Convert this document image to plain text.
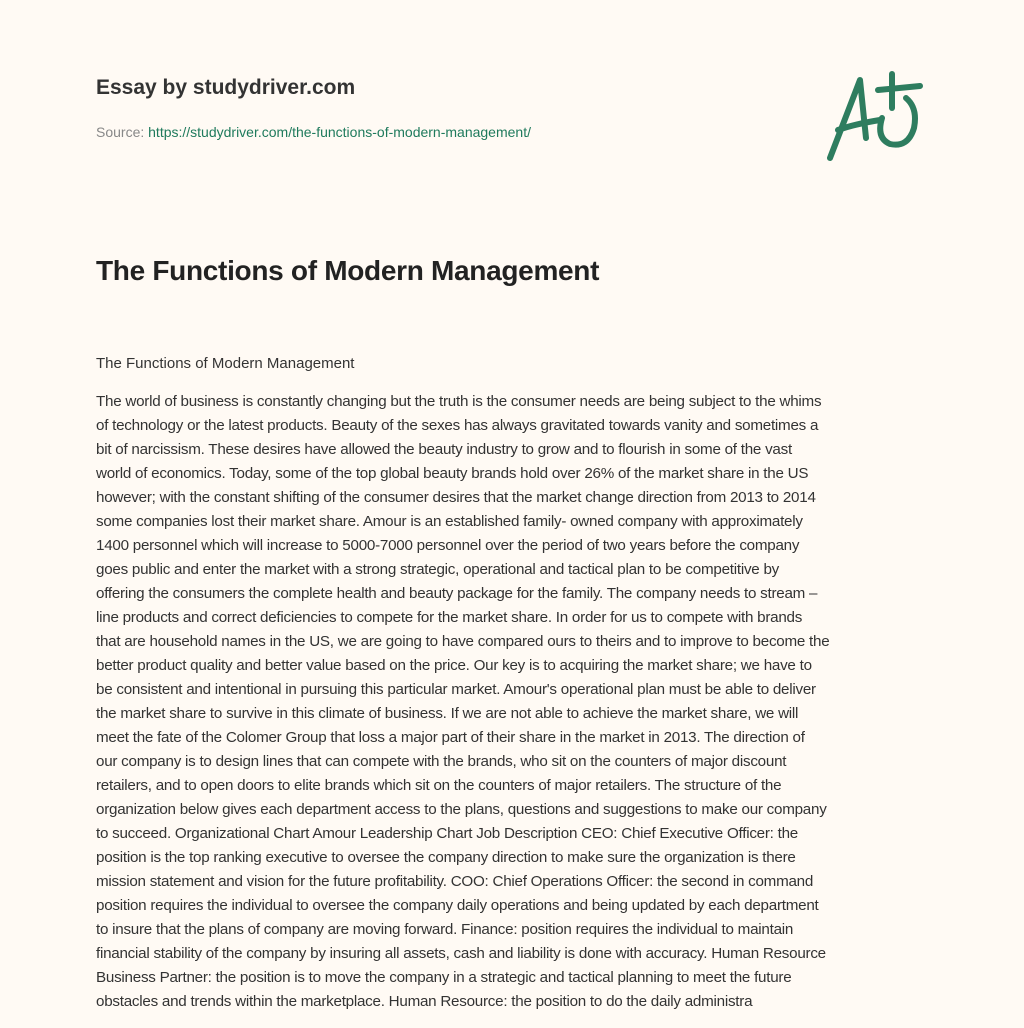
Essay by studydriver.com
Source: https://studydriver.com/the-functions-of-modern-management/
The Functions of Modern Management
The Functions of Modern Management
The world of business is constantly changing but the truth is the consumer needs are being subject to the whims
of technology or the latest products. Beauty of the sexes has always gravitated towards vanity and sometimes a
bit of narcissism. These desires have allowed the beauty industry to grow and to flourish in some of the vast
world of economics. Today, some of the top global beauty brands hold over 26% of the market share in the US
however; with the constant shifting of the consumer desires that the market change direction from 2013 to 2014
some companies lost their market share. Amour is an established family- owned company with approximately
1400 personnel which will increase to 5000-7000 personnel over the period of two years before the company
goes public and enter the market with a strong strategic, operational and tactical plan to be competitive by
offering the consumers the complete health and beauty package for the family. The company needs to stream –
line products and correct deficiencies to compete for the market share. In order for us to compete with brands
that are household names in the US, we are going to have compared ours to theirs and to improve to become the
better product quality and better value based on the price. Our key is to acquiring the market share; we have to
be consistent and intentional in pursuing this particular market. Amour's operational plan must be able to deliver
the market share to survive in this climate of business. If we are not able to achieve the market share, we will
meet the fate of the Colomer Group that loss a major part of their share in the market in 2013. The direction of
our company is to design lines that can compete with the brands, who sit on the counters of major discount
retailers, and to open doors to elite brands which sit on the counters of major retailers. The structure of the
organization below gives each department access to the plans, questions and suggestions to make our company
to succeed. Organizational Chart Amour Leadership Chart Job Description CEO: Chief Executive Officer: the
position is the top ranking executive to oversee the company direction to make sure the organization is there
mission statement and vision for the future profitability. COO: Chief Operations Officer: the second in command
position requires the individual to oversee the company daily operations and being updated by each department
to insure that the plans of company are moving forward. Finance: position requires the individual to maintain
financial stability of the company by insuring all assets, cash and liability is done with accuracy. Human Resource
Business Partner: the position is to move the company in a strategic and tactical planning to meet the future
obstacles and trends within the marketplace. Human Resource: the position to do the daily administra
